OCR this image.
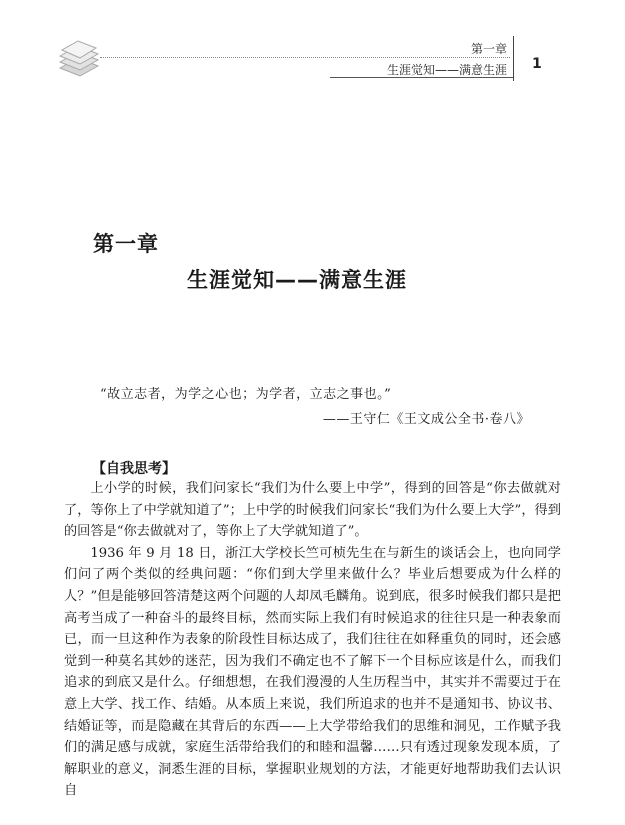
第一章
生涯觉知——满意生涯 1
第一章
生涯觉知——满意生涯
“故立志者，为学之心也；为学者，立志之事也。”
——王守仁《王文成公全书·卷八》
【自我思考】

上小学的时候，我们问家长“我们为什么要上中学”，得到的回答是“你去做就对了，等你上了中学就知道了”；上中学的时候我们问家长“我们为什么要上大学”，得到的回答是“你去做就对了，等你上了大学就知道了”。

1936 年 9 月 18 日，浙江大学校长竺可桢先生在与新生的谈话会上，也向同学们问了两个类似的经典问题：“你们到大学里来做什么？毕业后想要成为什么样的人？”但是能够回答清楚这两个问题的人却凤毛麟角。说到底，很多时候我们都只是把高考当成了一种奋斗的最终目标，然而实际上我们有时候追求的往往只是一种表象而已，而一旦这种作为表象的阶段性目标达成了，我们往往在如释重负的同时，还会感觉到一种莫名其妙的迷茫，因为我们不确定也不了解下一个目标应该是什么，而我们追求的到底又是什么。仔细想想，在我们漫漫的人生历程当中，其实并不需要过于在意上大学、找工作、结婚。从本质上来说，我们所追求的也并不是通知书、协议书、结婚证等，而是隐藏在其背后的东西——上大学带给我们的思维和洞见，工作赋予我们的满足感与成就，家庭生活带给我们的和睦和温馨……只有透过现象发现本质，了解职业的意义，洞悉生涯的目标，掌握职业规划的方法，才能更好地帮助我们去认识自
